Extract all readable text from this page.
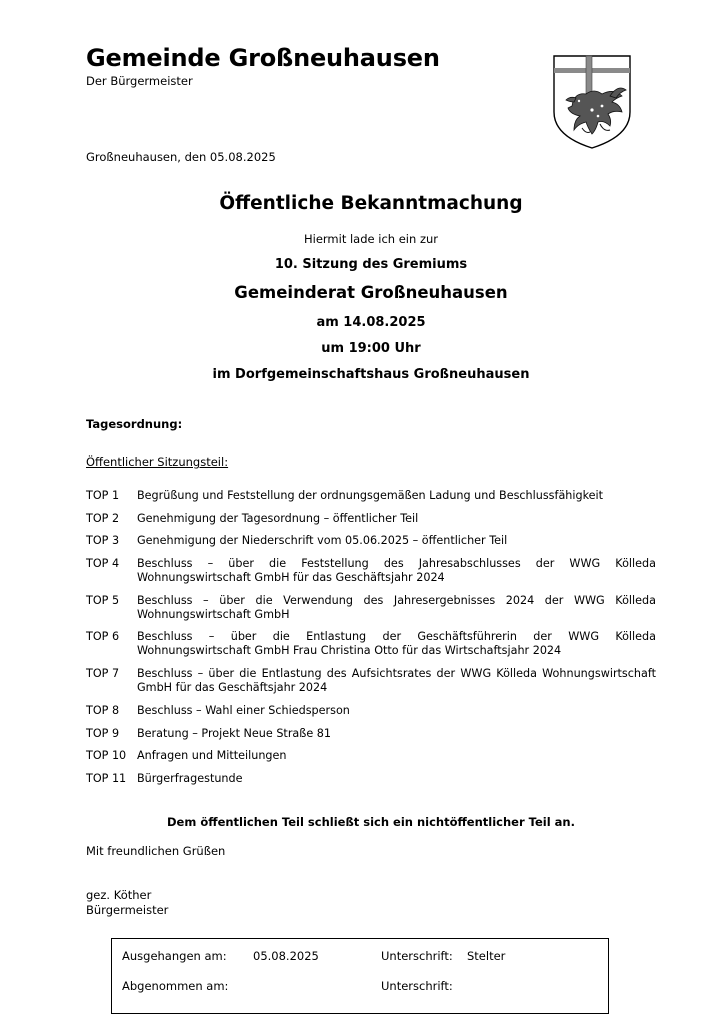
Gemeinde Großneuhausen
Der Bürgermeister
Großneuhausen, den 05.08.2025
Öffentliche Bekanntmachung
Hiermit lade ich ein zur
10. Sitzung des Gremiums
Gemeinderat Großneuhausen
am 14.08.2025
um 19:00 Uhr
im Dorfgemeinschaftshaus Großneuhausen
Tagesordnung:
Öffentlicher Sitzungsteil:
TOP 1	Begrüßung und Feststellung der ordnungsgemäßen Ladung und Beschlussfähigkeit
TOP 2	Genehmigung der Tagesordnung – öffentlicher Teil
TOP 3	Genehmigung der Niederschrift vom 05.06.2025 – öffentlicher Teil
TOP 4	Beschluss – über die Feststellung des Jahresabschlusses der WWG Kölleda Wohnungswirtschaft GmbH für das Geschäftsjahr 2024
TOP 5	Beschluss – über die Verwendung des Jahresergebnisses 2024 der WWG Kölleda Wohnungswirtschaft GmbH
TOP 6	Beschluss – über die Entlastung der Geschäftsführerin der WWG Kölleda Wohnungswirtschaft GmbH Frau Christina Otto für das Wirtschaftsjahr 2024
TOP 7	Beschluss – über die Entlastung des Aufsichtsrates der WWG Kölleda Wohnungswirtschaft GmbH für das Geschäftsjahr 2024
TOP 8	Beschluss – Wahl einer Schiedsperson
TOP 9	Beratung – Projekt Neue Straße 81
TOP 10 Anfragen und Mitteilungen
TOP 11 Bürgerfragestunde
Dem öffentlichen Teil schließt sich ein nichtöffentlicher Teil an.
Mit freundlichen Grüßen
gez. Köther
Bürgermeister
Ausgehangen am: 05.08.2025	Unterschrift: Stelter
Abgenommen am:	Unterschrift:
